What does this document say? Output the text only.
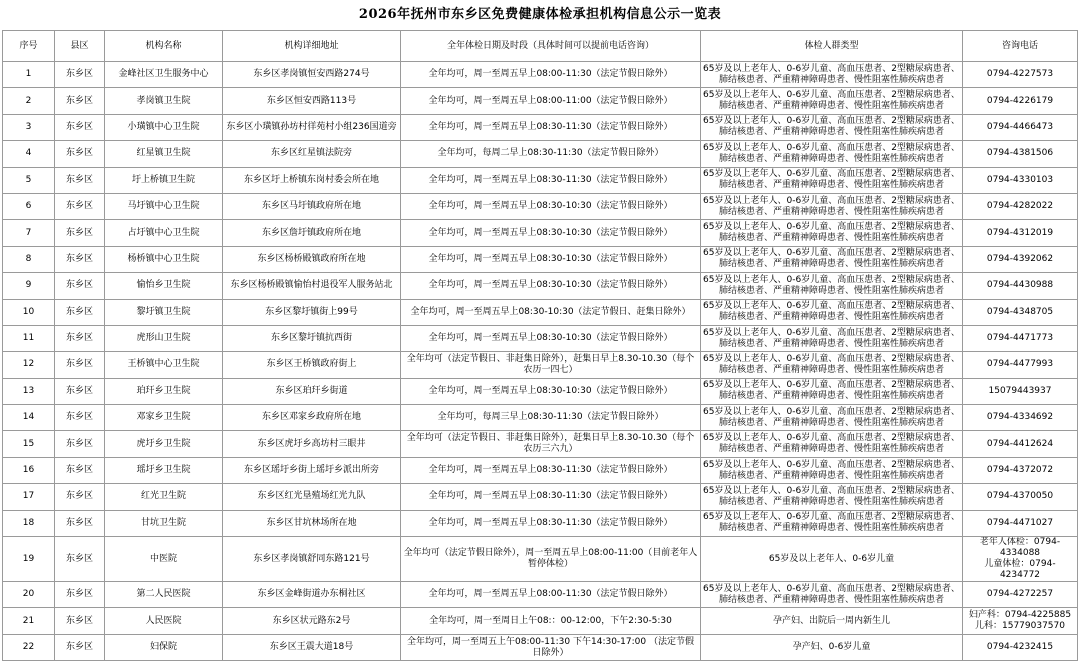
2026年抚州市东乡区免费健康体检承担机构信息公示一览表
序号	县区	机构名称	机构详细地址	全年体检日期及时段（具体时间可以提前电话咨询）	体检人群类型	咨询电话
1	东乡区	金峰社区卫生服务中心	东乡区孝岗镇恒安西路274号	全年均可，周一至周五早上08:00-11:30（法定节假日除外）	65岁及以上老年人、0-6岁儿童、高血压患者、2型糖尿病患者、肺结核患者、严重精神障碍患者、慢性阻塞性肺疾病患者	0794-4227573

2	东乡区	孝岗镇卫生院	东乡区恒安西路113号	全年均可，周一至周五早上08:00-11:00（法定节假日除外）	65岁及以上老年人、0-6岁儿童、高血压患者、2型糖尿病患者、肺结核患者、严重精神障碍患者、慢性阻塞性肺疾病患者	0794-4226179

3	东乡区	小璜镇中心卫生院	东乡区小璜镇孙坊村徉苑村小组236国道旁	全年均可，周一至周五早上08:30-11:30（法定节假日除外）	65岁及以上老年人、0-6岁儿童、高血压患者、2型糖尿病患者、肺结核患者、严重精神障碍患者、慢性阻塞性肺疾病患者	0794-4466473

4	东乡区	红星镇卫生院	东乡区红星镇法院旁	全年均可，每周二早上08:30-11:30（法定节假日除外）	65岁及以上老年人、0-6岁儿童、高血压患者、2型糖尿病患者、肺结核患者、严重精神障碍患者、慢性阻塞性肺疾病患者	0794-4381506

5	东乡区	圩上桥镇卫生院	东乡区圩上桥镇东岗村委会所在地	全年均可，周一至周五早上08:30-11:30（法定节假日除外）	65岁及以上老年人、0-6岁儿童、高血压患者、2型糖尿病患者、肺结核患者、严重精神障碍患者、慢性阻塞性肺疾病患者	0794-4330103

6	东乡区	马圩镇中心卫生院	东乡区马圩镇政府所在地	全年均可，周一至周五早上08:30-10:30（法定节假日除外）	65岁及以上老年人、0-6岁儿童、高血压患者、2型糖尿病患者、肺结核患者、严重精神障碍患者、慢性阻塞性肺疾病患者	0794-4282022

7	东乡区	占圩镇中心卫生院	东乡区詹圩镇政府所在地	全年均可，周一至周五早上08:30-10:30（法定节假日除外）	65岁及以上老年人、0-6岁儿童、高血压患者、2型糖尿病患者、肺结核患者、严重精神障碍患者、慢性阻塞性肺疾病患者	0794-4312019

8	东乡区	杨桥镇中心卫生院	东乡区杨桥殿镇政府所在地	全年均可，周一至周五早上08:30-10:30（法定节假日除外）	65岁及以上老年人、0-6岁儿童、高血压患者、2型糖尿病患者、肺结核患者、严重精神障碍患者、慢性阻塞性肺疾病患者	0794-4392062

9	东乡区	愉怡乡卫生院	东乡区杨桥殿镇愉怡村退役军人服务站北	全年均可，周一至周五早上08:30-10:30（法定节假日除外）	65岁及以上老年人、0-6岁儿童、高血压患者、2型糖尿病患者、肺结核患者、严重精神障碍患者、慢性阻塞性肺疾病患者	0794-4430988

10	东乡区	黎圩镇卫生院	东乡区黎圩镇街上99号	全年均可，周一至周五早上08:30-10:30（法定节假日、赶集日除外）	65岁及以上老年人、0-6岁儿童、高血压患者、2型糖尿病患者、肺结核患者、严重精神障碍患者、慢性阻塞性肺疾病患者	0794-4348705

11	东乡区	虎形山卫生院	东乡区黎圩镇抗西街	全年均可，周一至周五早上08:30-10:30（法定节假日除外）	65岁及以上老年人、0-6岁儿童、高血压患者、2型糖尿病患者、肺结核患者、严重精神障碍患者、慢性阻塞性肺疾病患者	0794-4471773

12	东乡区	王桥镇中心卫生院	东乡区王桥镇政府街上	全年均可（法定节假日、非赶集日除外），赶集日早上8.30-10.30（每个农历一四七）	65岁及以上老年人、0-6岁儿童、高血压患者、2型糖尿病患者、肺结核患者、严重精神障碍患者、慢性阻塞性肺疾病患者	0794-4477993

13	东乡区	珀玕乡卫生院	东乡区珀玕乡街道	全年均可，周一至周五早上08:30-10:30（法定节假日除外）	65岁及以上老年人、0-6岁儿童、高血压患者、2型糖尿病患者、肺结核患者、严重精神障碍患者、慢性阻塞性肺疾病患者	15079443937

14	东乡区	邓家乡卫生院	东乡区邓家乡政府所在地	全年均可，每周三早上08:30-11:30（法定节假日除外）	65岁及以上老年人、0-6岁儿童、高血压患者、2型糖尿病患者、肺结核患者、严重精神障碍患者、慢性阻塞性肺疾病患者	0794-4334692

15	东乡区	虎圩乡卫生院	东乡区虎圩乡高坊村三眼井	全年均可（法定节假日、非赶集日除外），赶集日早上8.30-10.30（每个农历三六九）	65岁及以上老年人、0-6岁儿童、高血压患者、2型糖尿病患者、肺结核患者、严重精神障碍患者、慢性阻塞性肺疾病患者	0794-4412624

16	东乡区	瑶圩乡卫生院	东乡区瑶圩乡街上瑶圩乡派出所旁	全年均可，周一至周五早上08:30-11:30（法定节假日除外）	65岁及以上老年人、0-6岁儿童、高血压患者、2型糖尿病患者、肺结核患者、严重精神障碍患者、慢性阻塞性肺疾病患者	0794-4372072

17	东乡区	红光卫生院	东乡区红光垦殖场红光九队	全年均可，周一至周五早上08:30-11:30（法定节假日除外）	65岁及以上老年人、0-6岁儿童、高血压患者、2型糖尿病患者、肺结核患者、严重精神障碍患者、慢性阻塞性肺疾病患者	0794-4370050

18	东乡区	甘坑卫生院	东乡区甘坑林场所在地	全年均可，周一至周五早上08:30-11:30（法定节假日除外）	65岁及以上老年人、0-6岁儿童、高血压患者、2型糖尿病患者、肺结核患者、严重精神障碍患者、慢性阻塞性肺疾病患者	0794-4471027

19	东乡区	中医院	东乡区孝岗镇舒同东路121号	全年均可（法定节假日除外），周一至周五早上08:00-11:00（目前老年人暂停体检）	65岁及以上老年人、0-6岁儿童	老年人体检：0794-4334088
儿童体检：0794-4234772

20	东乡区	第二人民医院	东乡区金峰街道办东桐社区	全年均可，周一至周五早上08:00-11:30（法定节假日除外）	65岁及以上老年人、0-6岁儿童、高血压患者、2型糖尿病患者、肺结核患者、严重精神障碍患者、慢性阻塞性肺疾病患者	0794-4272257

21	东乡区	人民医院	东乡区状元路东2号	全年均可，周一至周日上午08:：00-12:00，下午2:30-5:30	孕产妇、出院后一周内新生儿	妇产科：0794-4225885
儿科：15779037570

22	东乡区	妇保院	东乡区王震大道18号	全年均可，周一至周五上午08:00-11:30 下午14:30-17:00 （法定节假日除外）	孕产妇、0-6岁儿童	0794-4232415
